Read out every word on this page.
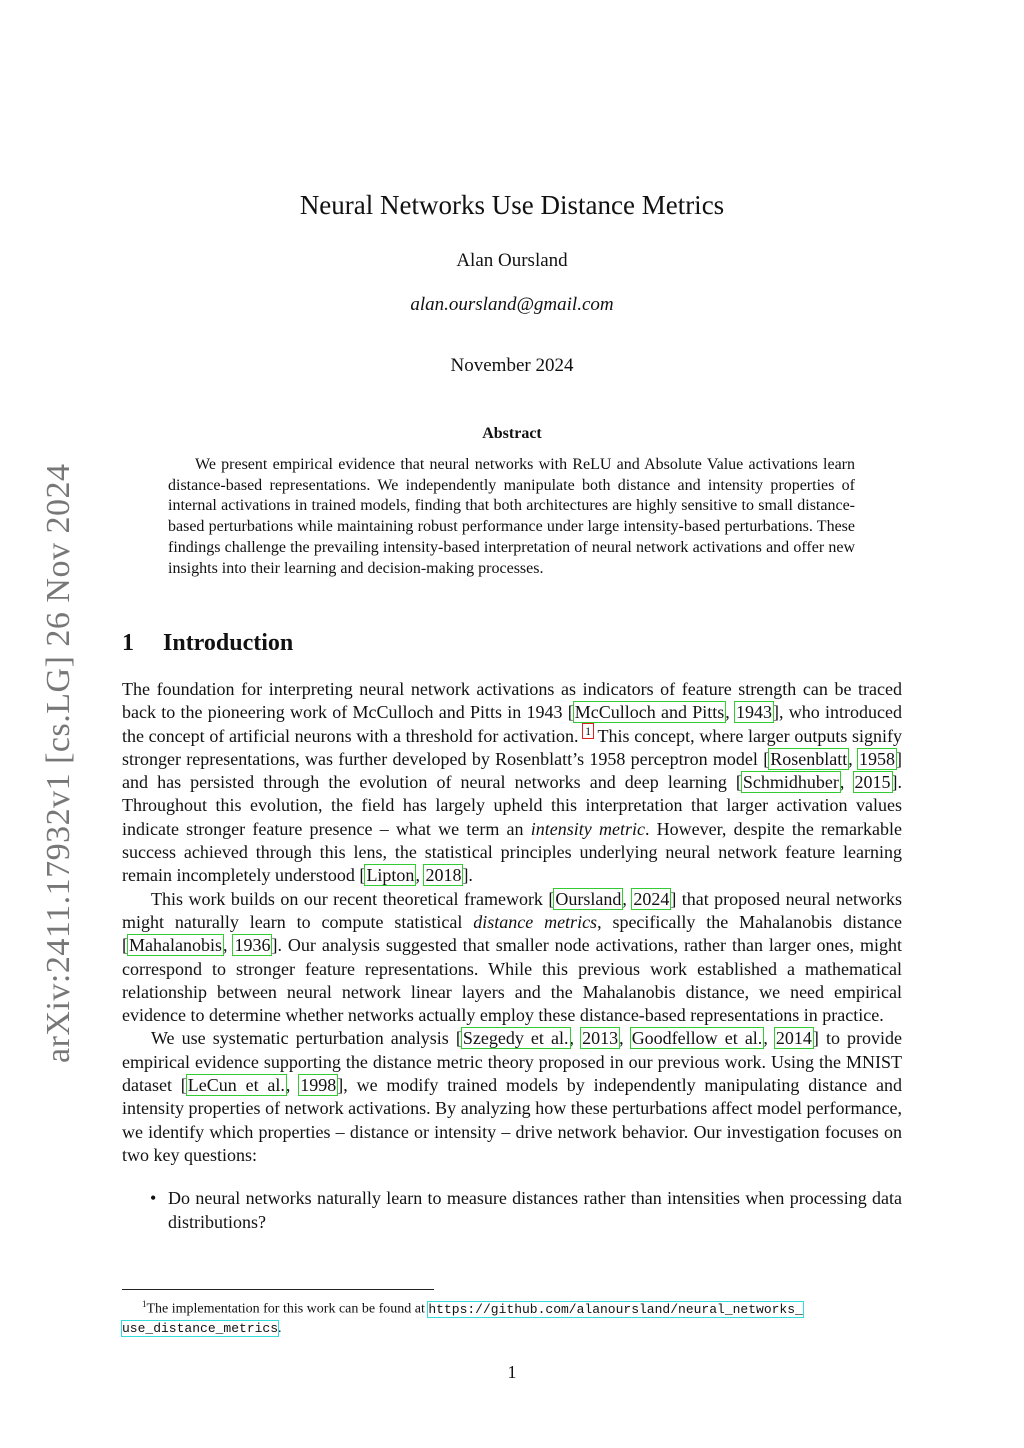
arXiv:2411.17932v1 [cs.LG] 26 Nov 2024
Neural Networks Use Distance Metrics
Alan Oursland
alan.oursland@gmail.com
November 2024
Abstract

We present empirical evidence that neural networks with ReLU and Absolute Value activations learn distance-based representations. We independently manipulate both distance and intensity properties of internal activations in trained models, finding that both architectures are highly sensitive to small distance-based perturbations while maintaining robust performance under large intensity-based perturbations. These findings challenge the prevailing intensity-based interpretation of neural network activations and offer new insights into their learning and decision-making processes.

1 Introduction

The foundation for interpreting neural network activations as indicators of feature strength can be traced back to the pioneering work of McCulloch and Pitts in 1943 [McCulloch and Pitts, 1943], who introduced the concept of artificial neurons with a threshold for activation. $^1$ This concept, where larger outputs signify stronger representations, was further developed by Rosenblatt’s 1958 perceptron model [Rosenblatt, 1958] and has persisted through the evolution of neural networks and deep learning [Schmidhuber, 2015]. Throughout this evolution, the field has largely upheld this interpretation that larger activation values indicate stronger feature presence – what we term an intensity metric. However, despite the remarkable success achieved through this lens, the statistical principles underlying neural network feature learning remain incompletely understood [Lipton, 2018].

This work builds on our recent theoretical framework [Oursland, 2024] that proposed neural networks might naturally learn to compute statistical distance metrics, specifically the Mahalanobis distance [Mahalanobis, 1936]. Our analysis suggested that smaller node activations, rather than larger ones, might correspond to stronger feature representations. While this previous work established a mathematical relationship between neural network linear layers and the Mahalanobis distance, we need empirical evidence to determine whether networks actually employ these distance-based representations in practice.

We use systematic perturbation analysis [Szegedy et al., 2013, Goodfellow et al., 2014] to provide empirical evidence supporting the distance metric theory proposed in our previous work. Using the MNIST dataset [LeCun et al., 1998], we modify trained models by independently manipulating distance and intensity properties of network activations. By analyzing how these perturbations affect model performance, we identify which properties – distance or intensity – drive network behavior. Our investigation focuses on two key questions:

• Do neural networks naturally learn to measure distances rather than intensities when processing data distributions?
$^1$The implementation for this work can be found at https://github.com/alanoursland/neural_networks_
use_distance_metrics.
1
